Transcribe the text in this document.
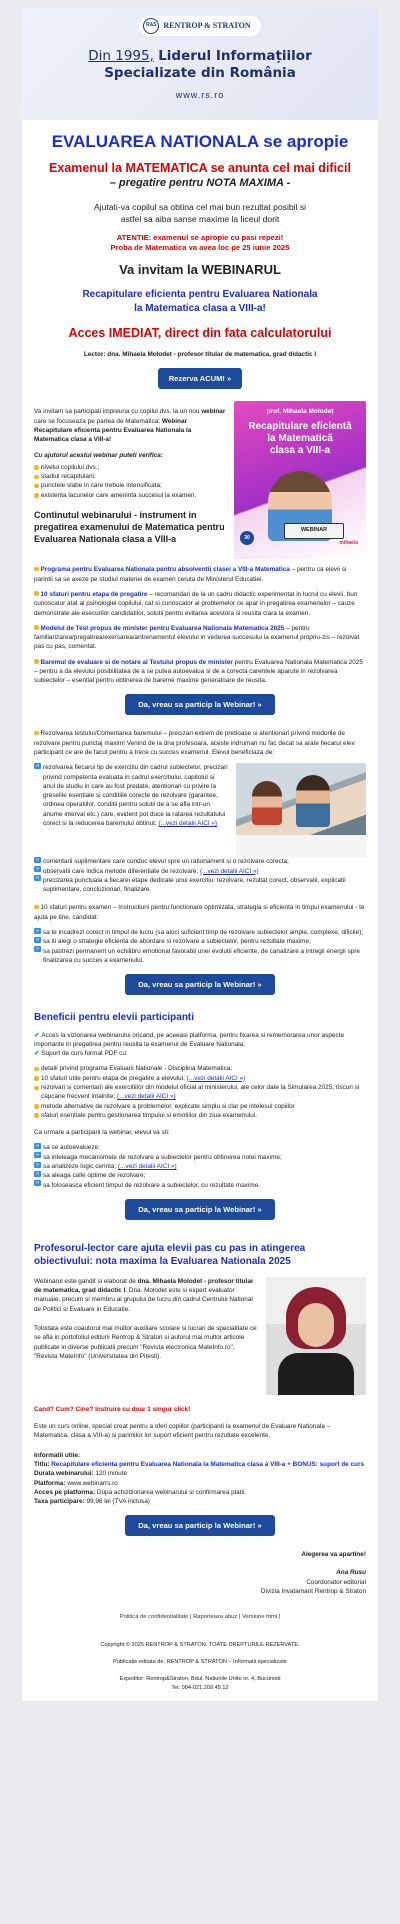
R&S RENTROP & STRATON
Din 1995, Liderul Informațiilor
Specializate din România
www.rs.ro
EVALUAREA NATIONALA se apropie
Examenul la MATEMATICA se anunta cel mai dificil
– pregatire pentru NOTA MAXIMA -
Ajutati-va copilul sa obtina cel mai bun rezultat posibil si
astfel sa aiba sanse maxime la liceul dorit
ATENTIE: examenul se apropie cu pasi repezi!
Proba de Matematica va avea loc pe 25 iunie 2025
Va invitam la WEBINARUL
Recapitulare eficienta pentru Evaluarea Nationala
la Matematica clasa a VIII-a!
Acces IMEDIAT, direct din fata calculatorului
Lector: dna. Mihaela Molodet - profesor titular de matematica, grad didactic I
Rezerva ACUM! »

Va invitam sa participati impreuna cu copilul dvs. la un nou webinar care se focuseaza pe partea de Matematica: Webinar Recapitulare eficienta pentru Evaluarea Nationala la Matematica clasa a VIII-a!

Cu ajutorul acestui webinar puteti verifica:

nivelul copilului dvs.;
stadiul recapitularii;
punctele slabe in care trebuie intensificata;
existenta lacunelor care ameninta succesul la examen.
Continutul webinarului - instrument in pregatirea examenului de Matematica pentru Evaluarea Nationala clasa a VIII-a
prof. Mihaela Molodeț
Recapitulare eficientă
la Matematică
clasa a VIII-a
WEBINAR
30
mihaela

Programa pentru Evaluarea Nationala pentru absolventii clasei a VIII-a Matematica – pentru ca elevii si parintii sa se axeze pe studiul materiei de examen ceruta de Ministerul Educatiei.

10 sfaturi pentru etapa de pregatire – recomandari de la un cadru didactic experimentat in lucrul cu elevii, bun cunoscator atat al psihologiei copilului, cat si cunoscator al problemelor ce apar in pregatirea examenelor – cauze demonstrate ale esecurilor candidatilor, solutii pentru evitarea acestora si reusita clara la examen.

Modelul de Test propus de minister pentru Evaluarea Nationala Matematica 2025 – pentru familiarizarea/pregatirea/exersarea/antrenamentul elevului in vederea succesului la examenul propriu-zis – rezolvat pas cu pas, comentat.

Baremul de evaluare si de notare al Testului propus de minister pentru Evaluarea Nationala Matematica 2025 – pentru a da elevului posibilitatea de a se putea autoevalua si de a corecta carentele aparute in rezolvarea subiectelor – esential pentru obtinerea de bareme maxime generatoare de reusita.

Da, vreau sa particip la Webinar! »

Rezolvarea testului/Comentarea baremului – precizari extrem de pretioase si atentionari privind modurile de rezolvare pentru punctaj maxim! Venind de la dna profesoara, aceste indrumari nu fac decat sa arate fiecarui elev participant ce are de facut pentru a trece cu succes examenul. Elevul beneficiaza de:

» rezolvarea fiecarui tip de exercitiu din cadrul subiectelor, precizari privind competenta evaluata in cadrul exercitiului, capitolul si anul de studiu in care au fost predate, atentionari cu privire la greselile esentiale si conditiile corecte de rezolvare (garantee, ordinea operatiilor, conditii pentru solutii de a se afla intr-un anume interval etc.) care, evident pot duce la ratarea rezultatului corect si la reducerea baremului obtinut; (...vezi detalii AICI »)
» comentarii suplimentare care conduc elevul spre un rationament si o rezolvare corecta;
» observatii care indica metode diferentiate de rezolvare; (...vezi detalii AICI »)
» precizarea punctuala a fiecarei etape dedicate unui exercitiu: rezolvare, rezultat corect, observatii, explicatii suplimentare, concluzionari, finalizare.

10 sfaturi pentru examen – Instructiuni pentru functionare optimizata, strategia si eficienta in timpul examenului - te ajuta pe tine, candidat:

» sa te incadrezi corect in timpul de lucru (sa aloci suficient timp de rezolvare subiectelor ample, complexe, dificile);
» sa iti alegi o strategie eficienta de abordare si rezolvare a subiectelor, pentru rezultate maxime;
» sa pastrezi permanent un echilibru emotional favorabil unei evolutii eficiente, de canalizare a intregii energii spre finalizarea cu succes a examenului.
Da, vreau sa particip la Webinar! »
Beneficii pentru elevii participanti

✔ Acces la vizionarea webinarului oricand, pe aceeasi platforma, pentru fixarea si rememorarea unor aspecte importante in pregatirea pentru reusita la examenul de Evaluare Nationala;
✔ Suport de curs format PDF cu:

detalii privind programa Evaluarii Nationale - Disciplina Matematica;
10 sfaturi utile pentru etapa de pregatire a elevului; (...vezi detalii AICI »)
rezolvari si comentarii ale exercitiilor din modelul oficial al ministerului, ale celor date la Simularea 2025, riscuri si capcane frecvent intalnite; (...vezi detalii AICI »)
metode alternative de rezolvare a problemelor, explicate simplu si clar pe intelesul copiilor
sfaturi esentiale pentru gestionarea timpului si emotiilor din ziua examenului.

Ca urmare a participarii la webinar, elevul va sti:

» sa se autoevalueze;
» sa inteleaga mecanismele de rezolvare a subiectelor pentru obtinerea notei maxime;
» sa analizeze logic cerinta; (...vezi detalii AICI »)
» sa aleaga calle optime de rezolvare;
» sa foloseasca eficient timpul de rezolvare a subiectelor, cu rezultate maxime.
Da, vreau sa particip la Webinar! »
Profesorul-lector care ajuta elevii pas cu pas in atingerea obiectivului: nota maxima la Evaluarea Nationala 2025

Webinarul este gandit si elaborat de dna. Mihaela Molodet - profesor titular de matematica, grad didactic I. Dna. Molodet este si expert evaluator manuale, precum si membru al grupului de lucru din cadrul Centrului National de Politici si Evaluare in Educatie.

Totodata este coautorul mai multor auxiliare scolare si lucrari de specialitate ce se afla in portofoliul editurii Rentrop & Straton si autorul mai multor articole publicate in diverse publicatii precum "Revista electronica MateInfo.ro", "Revista MateInfo" (Universitatea din Pitesti).

Cand? Cum? Cine? Instruire cu doar 1 singur click!

Este un curs online, special creat pentru a oferi copiilor (participanti la examenul de Evaluare Nationala – Matematica, clasa a VIII-a) si parintilor lor suport eficient pentru rezultate excelente.

Informatii utile:
Titlu: Recapitulare eficienta pentru Evaluarea Nationala la Matematica clasa a VIII-a + BONUS: suport de curs
Durata webinarului: 120 minute
Platforma: www.webinarrs.ro
Acces pe platforma: Dupa achizitionarea webinarului si confirmarea platii.
Taxa participare: 99,96 lei (TVA inclusa)
Da, vreau sa particip la Webinar! »
Alegerea va apartine!
Ana Rusu
Coordonator editorial
Divizia Invatamant Rentrop & Straton
Politica de confidentialitate | Raporteaza abuz | Versiune html |

Copyright © 2025 RENTROP & STRATON. TOATE DREPTURILE REZERVATE.

Publicatie editata de: RENTROP & STRATON – Informatii specializate

Expeditor: Rentrop&Straton, Bdul. Natiunile Unite nr. 4, Bucuresti
Tel: 004-021.209.45.12
